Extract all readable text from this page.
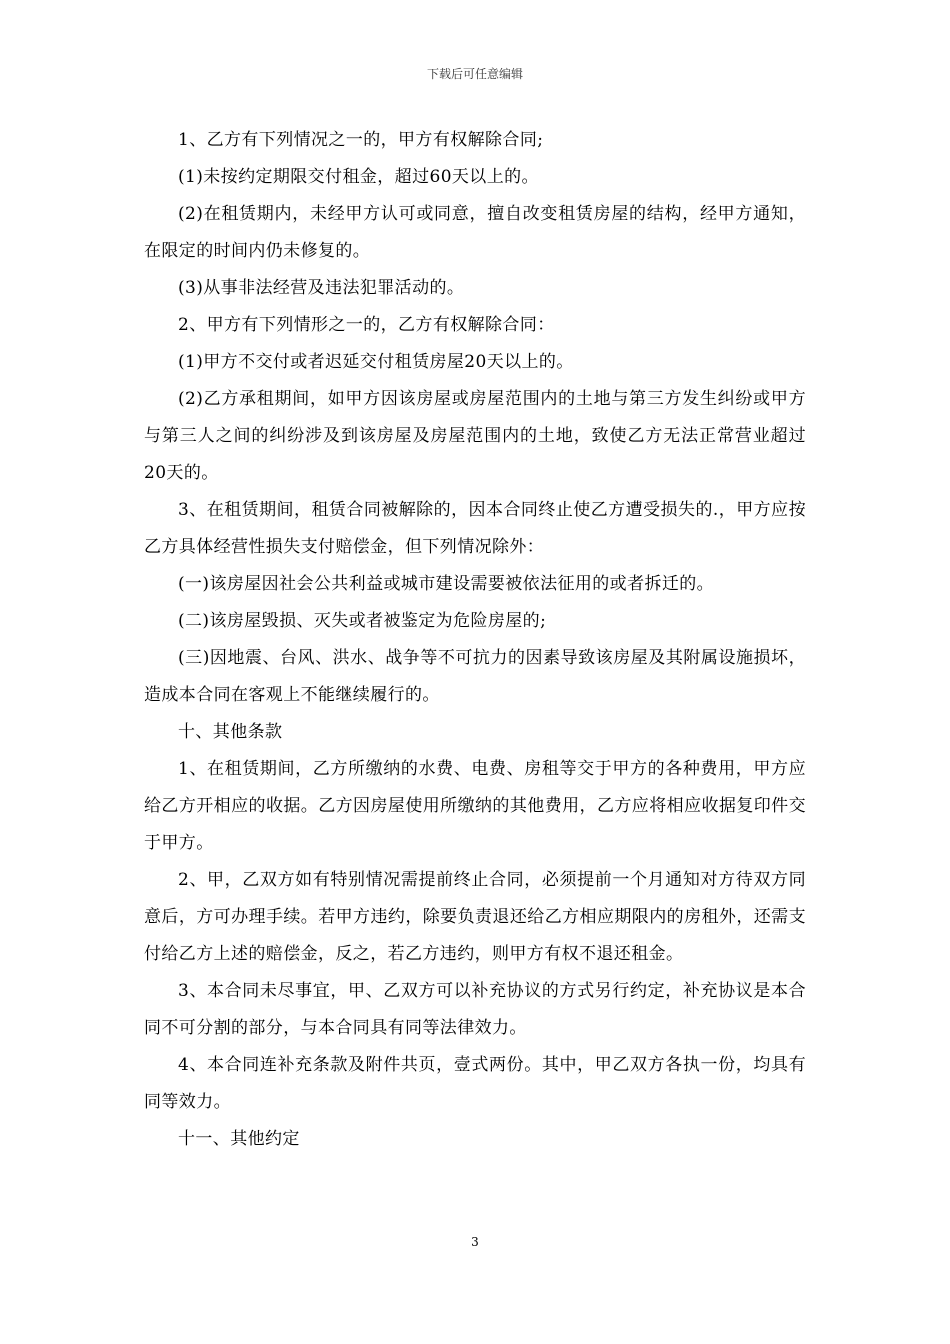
下载后可任意编辑

1、乙方有下列情况之一的，甲方有权解除合同;

(1)未按约定期限交付租金，超过60天以上的。

(2)在租赁期内，未经甲方认可或同意，擅自改变租赁房屋的结构，经甲方通知，在限定的时间内仍未修复的。

(3)从事非法经营及违法犯罪活动的。

2、甲方有下列情形之一的，乙方有权解除合同：

(1)甲方不交付或者迟延交付租赁房屋20天以上的。

(2)乙方承租期间，如甲方因该房屋或房屋范围内的土地与第三方发生纠纷或甲方与第三人之间的纠纷涉及到该房屋及房屋范围内的土地，致使乙方无法正常营业超过20天的。

3、在租赁期间，租赁合同被解除的，因本合同终止使乙方遭受损失的.，甲方应按乙方具体经营性损失支付赔偿金，但下列情况除外：

(一)该房屋因社会公共利益或城市建设需要被依法征用的或者拆迁的。

(二)该房屋毁损、灭失或者被鉴定为危险房屋的;

(三)因地震、台风、洪水、战争等不可抗力的因素导致该房屋及其附属设施损坏，造成本合同在客观上不能继续履行的。

十、其他条款

1、在租赁期间，乙方所缴纳的水费、电费、房租等交于甲方的各种费用，甲方应给乙方开相应的收据。乙方因房屋使用所缴纳的其他费用，乙方应将相应收据复印件交于甲方。

2、甲，乙双方如有特别情况需提前终止合同，必须提前一个月通知对方待双方同意后，方可办理手续。若甲方违约，除要负责退还给乙方相应期限内的房租外，还需支付给乙方上述的赔偿金，反之，若乙方违约，则甲方有权不退还租金。

3、本合同未尽事宜，甲、乙双方可以补充协议的方式另行约定，补充协议是本合同不可分割的部分，与本合同具有同等法律效力。

4、本合同连补充条款及附件共页，壹式两份。其中，甲乙双方各执一份，均具有同等效力。

十一、其他约定

3
